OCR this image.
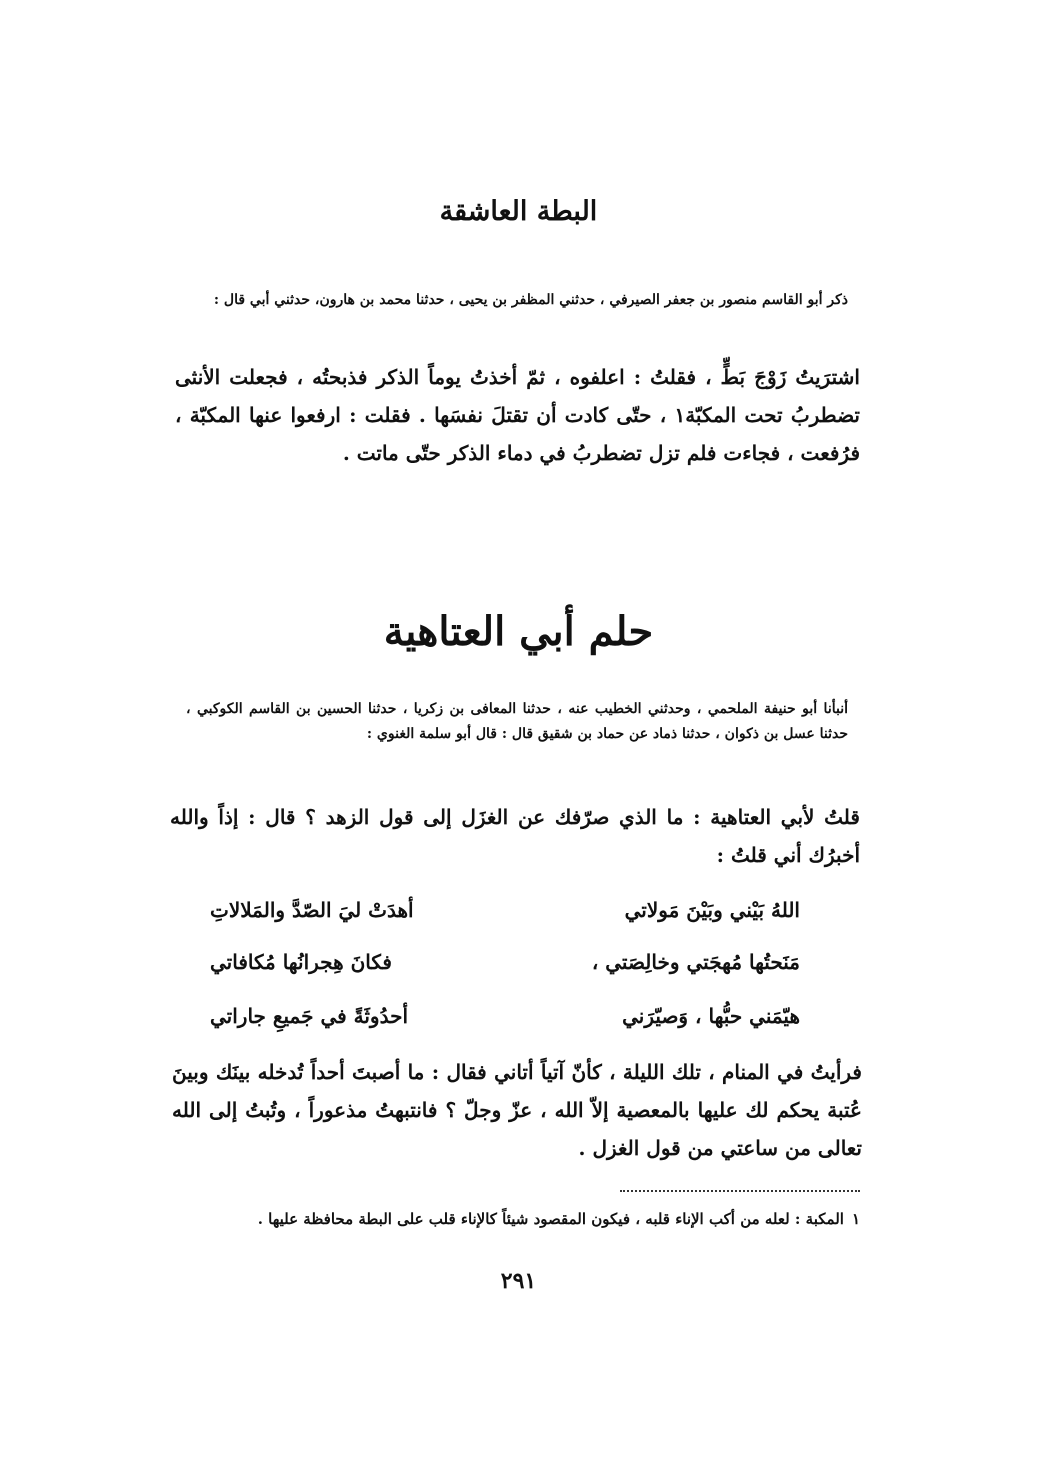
البطة العاشقة
ذكر أبو القاسم منصور بن جعفر الصيرفي ، حدثني المظفر بن يحيى ، حدثنا محمد بن هارون، حدثني أبي قال :
اشترَيتُ زَوْجَ بَطٍّ ، فقلتُ : اعلفوه ، ثمّ أخذتُ يوماً الذكر فذبحتُه ، فجعلت الأنثى تضطربُ تحت المكبّة١ ، حتّى كادت أن تقتلَ نفسَها . فقلت : ارفعوا عنها المكبّة ، فرُفعت ، فجاءت فلم تزل تضطربُ في دماء الذكر حتّى ماتت .
حلم أبي العتاهية
أنبأنا أبو حنيفة الملحمي ، وحدثني الخطيب عنه ، حدثنا المعافى بن زكريا ، حدثنا الحسين بن القاسم الكوكبي ، حدثنا عسل بن ذكوان ، حدثنا ذماد عن حماد بن شقيق قال : قال أبو سلمة الغنوي :
قلتُ لأبي العتاهية : ما الذي صرّفك عن الغزَل إلى قول الزهد ؟ قال : إذاً والله أخبرُك أني قلتُ :
اللهُ بَيْني وبَيْنَ مَولاتي
أهدَتْ ليَ الصّدَّ والمَلالاتِ
مَنَحتُها مُهجَتي وخالِصَتي ،
فكانَ هِجرانُها مُكافاتي
هيّمَني حبُّها ، وَصيّرَني
أحدُوثَةً في جَميعِ جاراتي
فرأيتُ في المنام ، تلك الليلة ، كأنّ آتياً أتاني فقال : ما أصبتَ أحداً تُدخله بينَك وبينَ عُتبة يحكم لك عليها بالمعصية إلاّ الله ، عزّ وجلّ ؟ فانتبهتُ مذعوراً ، وتُبتُ إلى الله تعالى من ساعتي من قول الغزل .
١المكبة : لعله من أكب الإناء قلبه ، فيكون المقصود شيئاً كالإناء قلب على البطة محافظة عليها .
٢٩١
